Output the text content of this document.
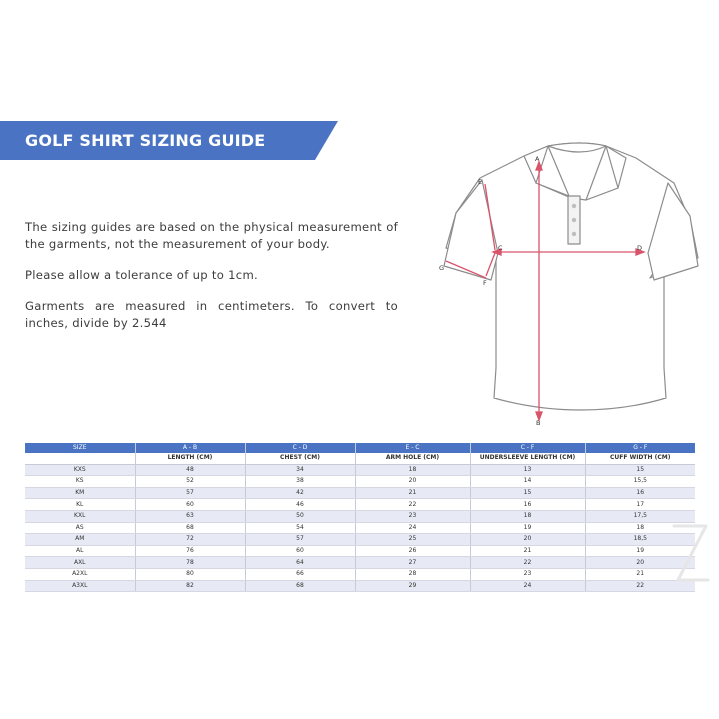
GOLF SHIRT SIZING GUIDE

The sizing guides are based on the physical measurement of the garments, not the measurement of your body.

Please allow a tolerance of up to 1cm.

Garments are measured in centimeters. To convert to inches, divide by 2.544

A
B
C	D
E
F
G
SIZE	A - B	C - D	E - C	C - F	G - F
	LENGTH (CM)	CHEST (CM)	ARM HOLE (CM)	UNDERSLEEVE LENGTH (CM)	CUFF WIDTH (CM)
KXS	48	34	18	13	15
KS	52	38	20	14	15,5
KM	57	42	21	15	16
KL	60	46	22	16	17
KXL	63	50	23	18	17,5
AS	68	54	24	19	18
AM	72	57	25	20	18,5
AL	76	60	26	21	19
AXL	78	64	27	22	20
A2XL	80	66	28	23	21
A3XL	82	68	29	24	22
